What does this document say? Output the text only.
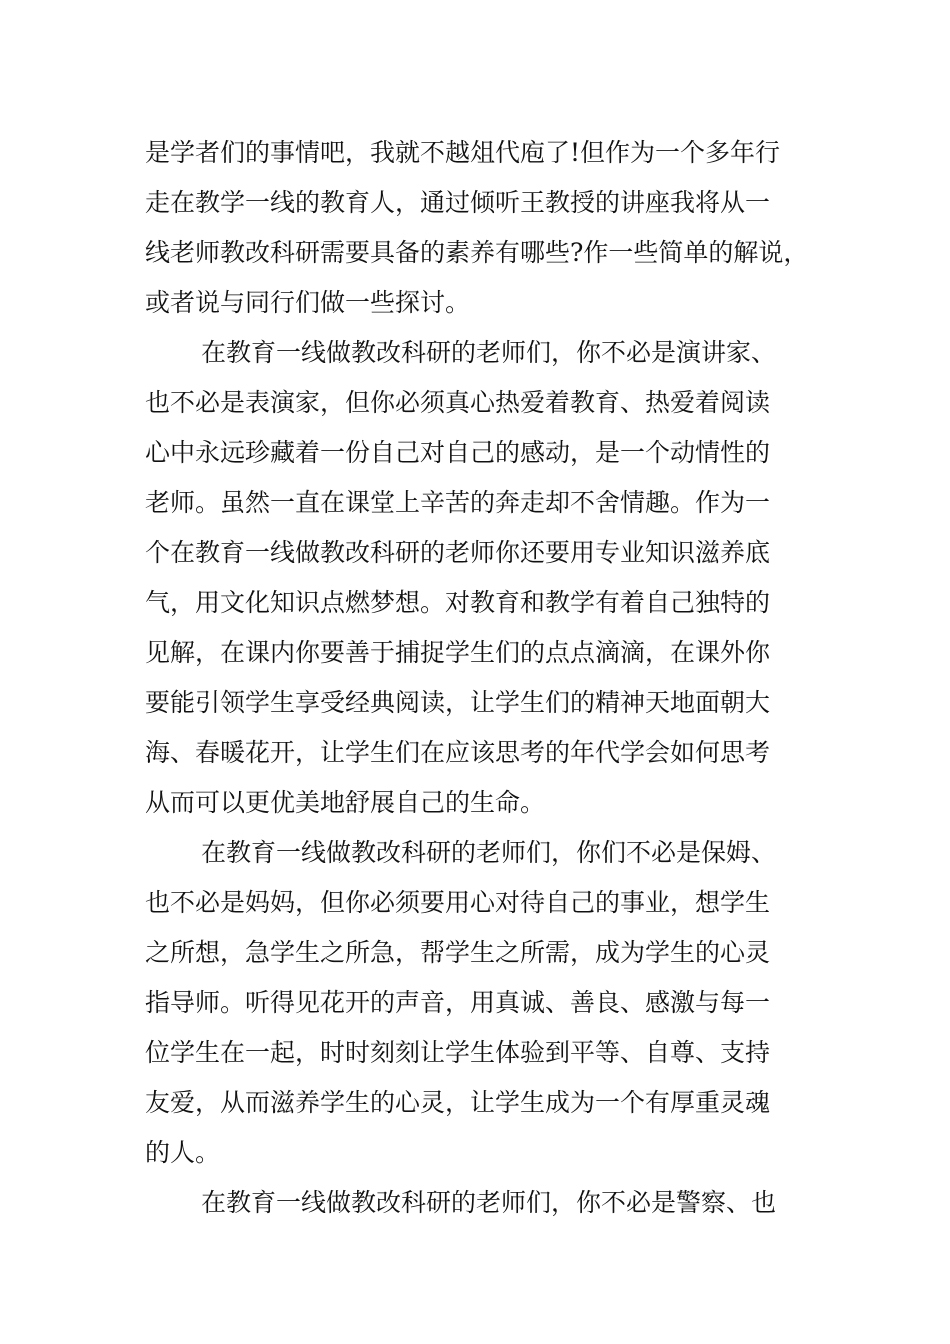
是学者们的事情吧，我就不越俎代庖了!但作为一个多年行
走在教学一线的教育人，通过倾听王教授的讲座我将从一
线老师教改科研需要具备的素养有哪些?作一些简单的解说，
或者说与同行们做一些探讨。
在教育一线做教改科研的老师们，你不必是演讲家、
也不必是表演家，但你必须真心热爱着教育、热爱着阅读
心中永远珍藏着一份自己对自己的感动，是一个动情性的
老师。虽然一直在课堂上辛苦的奔走却不舍情趣。作为一
个在教育一线做教改科研的老师你还要用专业知识滋养底
气，用文化知识点燃梦想。对教育和教学有着自己独特的
见解，在课内你要善于捕捉学生们的点点滴滴，在课外你
要能引领学生享受经典阅读，让学生们的精神天地面朝大
海、春暖花开，让学生们在应该思考的年代学会如何思考
从而可以更优美地舒展自己的生命。
在教育一线做教改科研的老师们，你们不必是保姆、
也不必是妈妈，但你必须要用心对待自己的事业，想学生
之所想，急学生之所急，帮学生之所需，成为学生的心灵
指导师。听得见花开的声音，用真诚、善良、感激与每一
位学生在一起，时时刻刻让学生体验到平等、自尊、支持
友爱，从而滋养学生的心灵，让学生成为一个有厚重灵魂
的人。
在教育一线做教改科研的老师们，你不必是警察、也
